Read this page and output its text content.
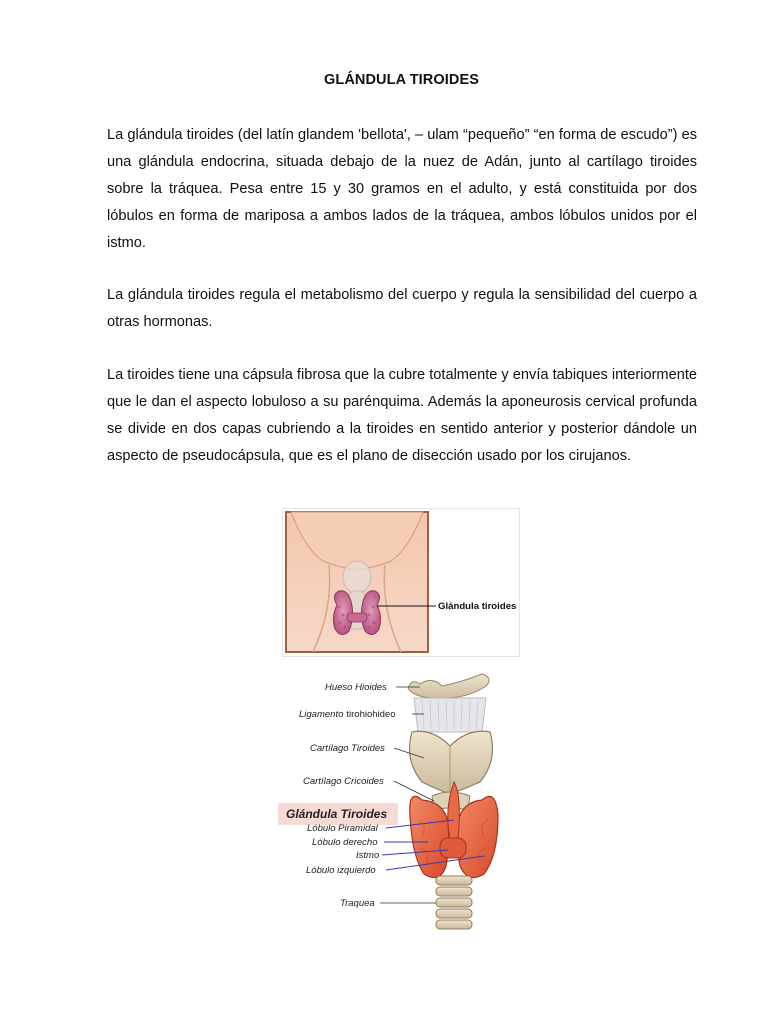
GLÁNDULA TIROIDES

La glándula tiroides (del latín glandem 'bellota', – ulam “pequeño” “en forma de escudo”) es una glándula endocrina, situada debajo de la nuez de Adán, junto al cartílago tiroides sobre la tráquea. Pesa entre 15 y 30 gramos en el adulto, y está constituida por dos lóbulos en forma de mariposa a ambos lados de la tráquea, ambos lóbulos unidos por el istmo.

La glándula tiroides regula el metabolismo del cuerpo y regula la sensibilidad del cuerpo a otras hormonas.

La tiroides tiene una cápsula fibrosa que la cubre totalmente y envía tabiques interiormente que le dan el aspecto lobuloso a su parénquima. Además la aponeurosis cervical profunda se divide en dos capas cubriendo a la tiroides en sentido anterior y posterior dándole un aspecto de pseudocápsula, que es el plano de disección usado por los cirujanos.

Glándula tiroides
Hueso Hioides
Ligamento tirohiohideo
Cartílago Tiroides
Cartílago Cricoides
Glándula Tiroides
Lóbulo Piramidal
Lóbulo derecho
Istmo
Lóbulo izquierdo
Traquea
